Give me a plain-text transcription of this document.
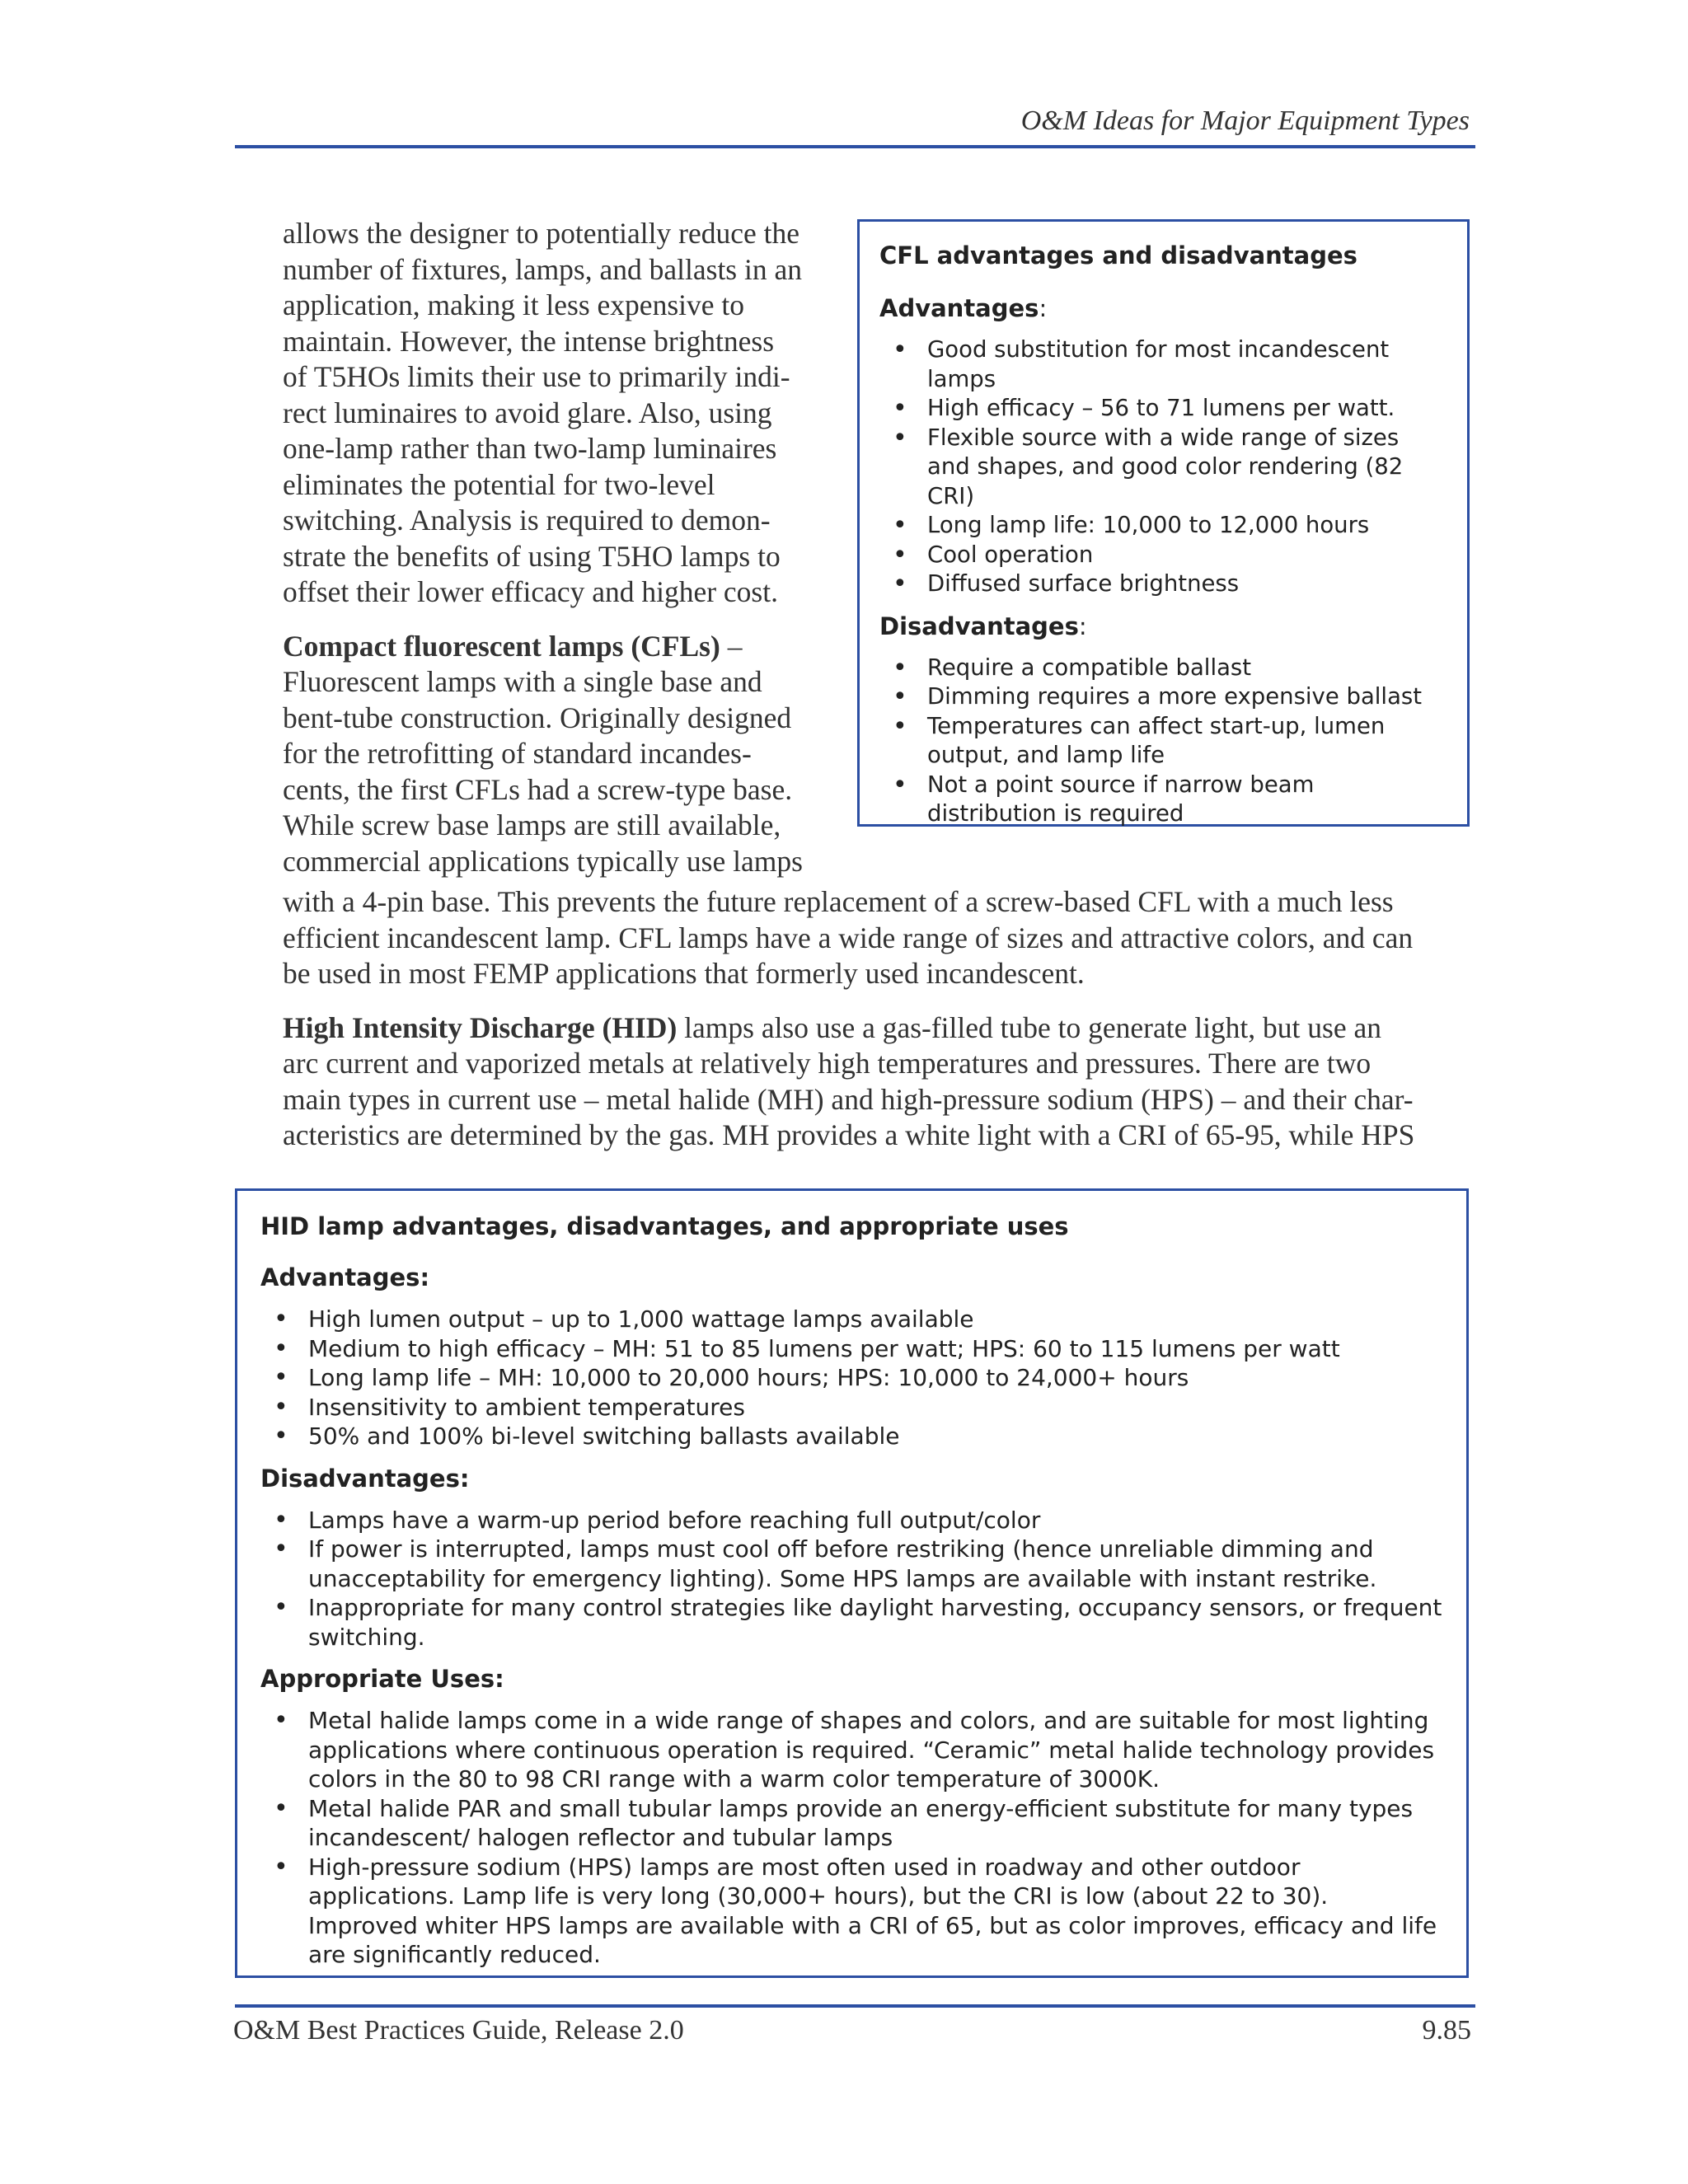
O&M Ideas for Major Equipment Types
allows the designer to potentially reduce the
number of fixtures, lamps, and ballasts in an
application, making it less expensive to
maintain. However, the intense brightness
of T5HOs limits their use to primarily indi-
rect luminaires to avoid glare. Also, using
one-lamp rather than two-lamp luminaires
eliminates the potential for two-level
switching. Analysis is required to demon-
strate the benefits of using T5HO lamps to
offset their lower efficacy and higher cost.
Compact fluorescent lamps (CFLs) –
Fluorescent lamps with a single base and
bent-tube construction. Originally designed
for the retrofitting of standard incandes-
cents, the first CFLs had a screw-type base.
While screw base lamps are still available,
commercial applications typically use lamps
with a 4-pin base. This prevents the future replacement of a screw-based CFL with a much less
efficient incandescent lamp. CFL lamps have a wide range of sizes and attractive colors, and can
be used in most FEMP applications that formerly used incandescent.
High Intensity Discharge (HID) lamps also use a gas-filled tube to generate light, but use an
arc current and vaporized metals at relatively high temperatures and pressures. There are two
main types in current use – metal halide (MH) and high-pressure sodium (HPS) – and their char-
acteristics are determined by the gas. MH provides a white light with a CRI of 65-95, while HPS
CFL advantages and disadvantages
Advantages:
• Good substitution for most incandescent lamps
• High efficacy – 56 to 71 lumens per watt.
• Flexible source with a wide range of sizes and shapes, and good color rendering (82 CRI)
• Long lamp life: 10,000 to 12,000 hours
• Cool operation
• Diffused surface brightness
Disadvantages:
• Require a compatible ballast
• Dimming requires a more expensive ballast
• Temperatures can affect start-up, lumen output, and lamp life
• Not a point source if narrow beam distribution is required
HID lamp advantages, disadvantages, and appropriate uses
Advantages:
• High lumen output – up to 1,000 wattage lamps available
• Medium to high efficacy – MH: 51 to 85 lumens per watt; HPS: 60 to 115 lumens per watt
• Long lamp life – MH: 10,000 to 20,000 hours; HPS: 10,000 to 24,000+ hours
• Insensitivity to ambient temperatures
• 50% and 100% bi-level switching ballasts available
Disadvantages:
• Lamps have a warm-up period before reaching full output/color
• If power is interrupted, lamps must cool off before restriking (hence unreliable dimming and unacceptability for emergency lighting). Some HPS lamps are available with instant restrike.
• Inappropriate for many control strategies like daylight harvesting, occupancy sensors, or frequent switching.
Appropriate Uses:
• Metal halide lamps come in a wide range of shapes and colors, and are suitable for most lighting applications where continuous operation is required. “Ceramic” metal halide technology provides colors in the 80 to 98 CRI range with a warm color temperature of 3000K.
• Metal halide PAR and small tubular lamps provide an energy-efficient substitute for many types incandescent/ halogen reflector and tubular lamps
• High-pressure sodium (HPS) lamps are most often used in roadway and other outdoor applications. Lamp life is very long (30,000+ hours), but the CRI is low (about 22 to 30). Improved whiter HPS lamps are available with a CRI of 65, but as color improves, efficacy and life are significantly reduced.
O&M Best Practices Guide, Release 2.0	9.85
